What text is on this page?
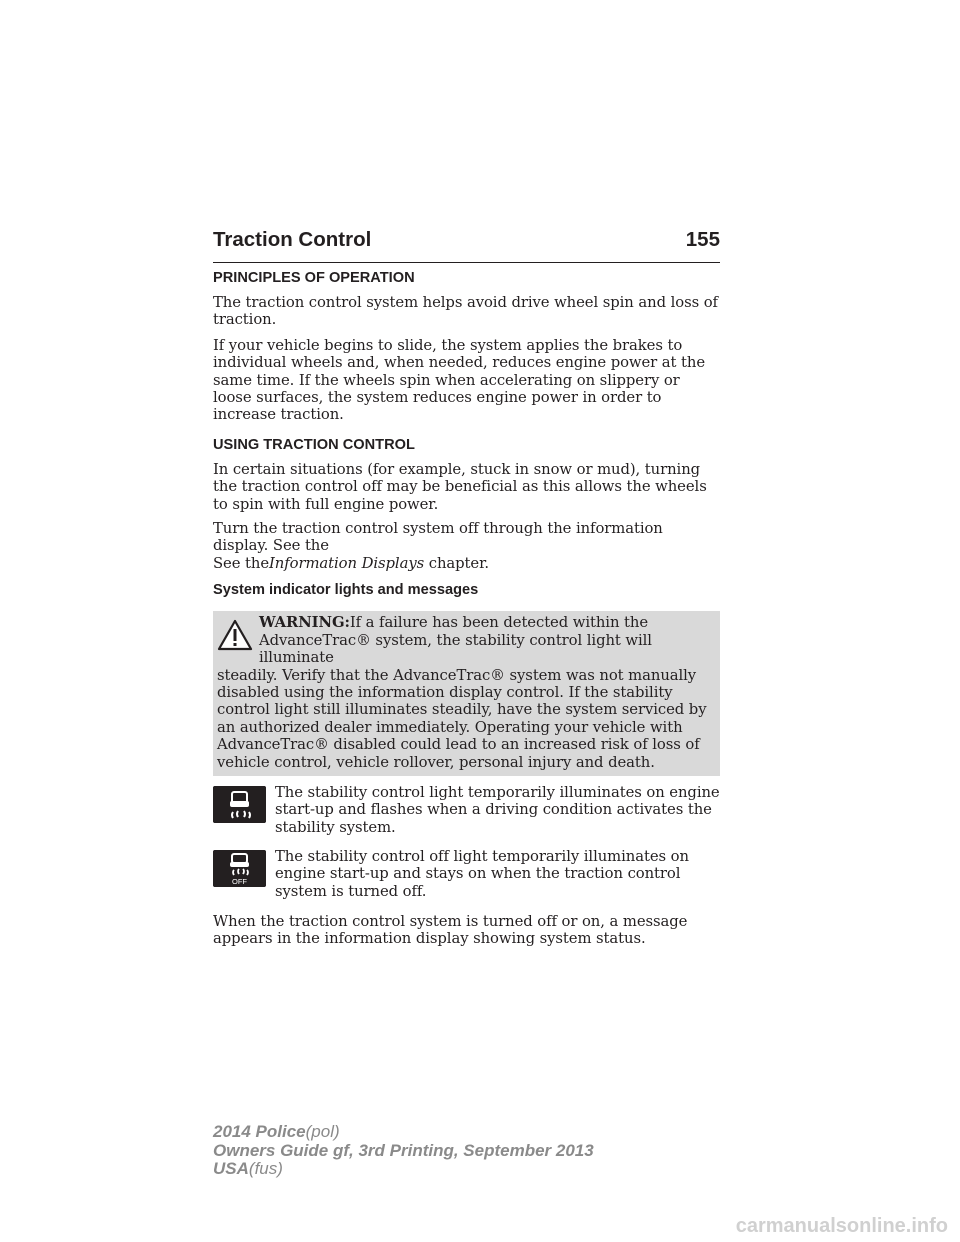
Traction Control	155
PRINCIPLES OF OPERATION

The traction control system helps avoid drive wheel spin and loss of traction.

If your vehicle begins to slide, the system applies the brakes to individual wheels and, when needed, reduces engine power at the same time. If the wheels spin when accelerating on slippery or loose surfaces, the system reduces engine power in order to increase traction.

USING TRACTION CONTROL

In certain situations (for example, stuck in snow or mud), turning the traction control off may be beneficial as this allows the wheels to spin with full engine power.

Turn the traction control system off through the information display. See the
See theInformation Displays chapter.

System indicator lights and messages

WARNING:If a failure has been detected within the AdvanceTrac® system, the stability control light will illuminate

steadily. Verify that the AdvanceTrac® system was not manually disabled using the information display control. If the stability control light still illuminates steadily, have the system serviced by an authorized dealer immediately. Operating your vehicle with AdvanceTrac® disabled could lead to an increased risk of loss of vehicle control, vehicle rollover, personal injury and death.

The stability control light temporarily illuminates on engine start-up and flashes when a driving condition activates the stability system.

OFF

The stability control off light temporarily illuminates on engine start-up and stays on when the traction control system is turned off.

When the traction control system is turned off or on, a message appears in the information display showing system status.

2014 Police(pol)
Owners Guide gf, 3rd Printing, September 2013
USA(fus)
carmanualsonline.info
